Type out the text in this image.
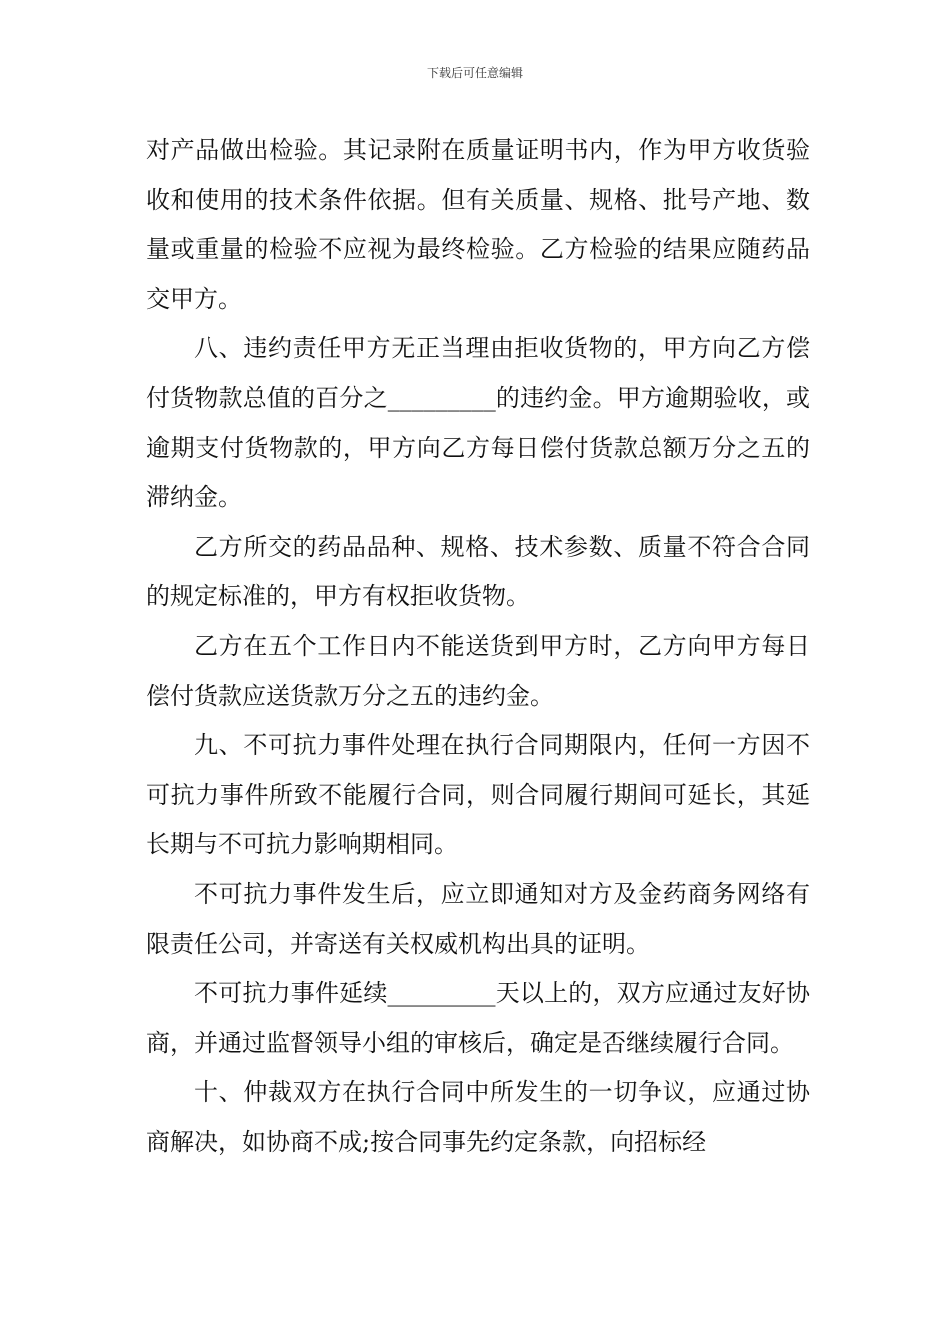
下载后可任意编辑

对产品做出检验。其记录附在质量证明书内，作为甲方收货验收和使用的技术条件依据。但有关质量、规格、批号产地、数量或重量的检验不应视为最终检验。乙方检验的结果应随药品交甲方。

八、违约责任甲方无正当理由拒收货物的，甲方向乙方偿付货物款总值的百分之_________的违约金。甲方逾期验收，或逾期支付货物款的，甲方向乙方每日偿付货款总额万分之五的滞纳金。

乙方所交的药品品种、规格、技术参数、质量不符合合同的规定标准的，甲方有权拒收货物。

乙方在五个工作日内不能送货到甲方时，乙方向甲方每日偿付货款应送货款万分之五的违约金。

九、不可抗力事件处理在执行合同期限内，任何一方因不可抗力事件所致不能履行合同，则合同履行期间可延长，其延长期与不可抗力影响期相同。

不可抗力事件发生后，应立即通知对方及金药商务网络有限责任公司，并寄送有关权威机构出具的证明。

不可抗力事件延续_________天以上的，双方应通过友好协商，并通过监督领导小组的审核后，确定是否继续履行合同。

十、仲裁双方在执行合同中所发生的一切争议，应通过协商解决，如协商不成;按合同事先约定条款，向招标经
